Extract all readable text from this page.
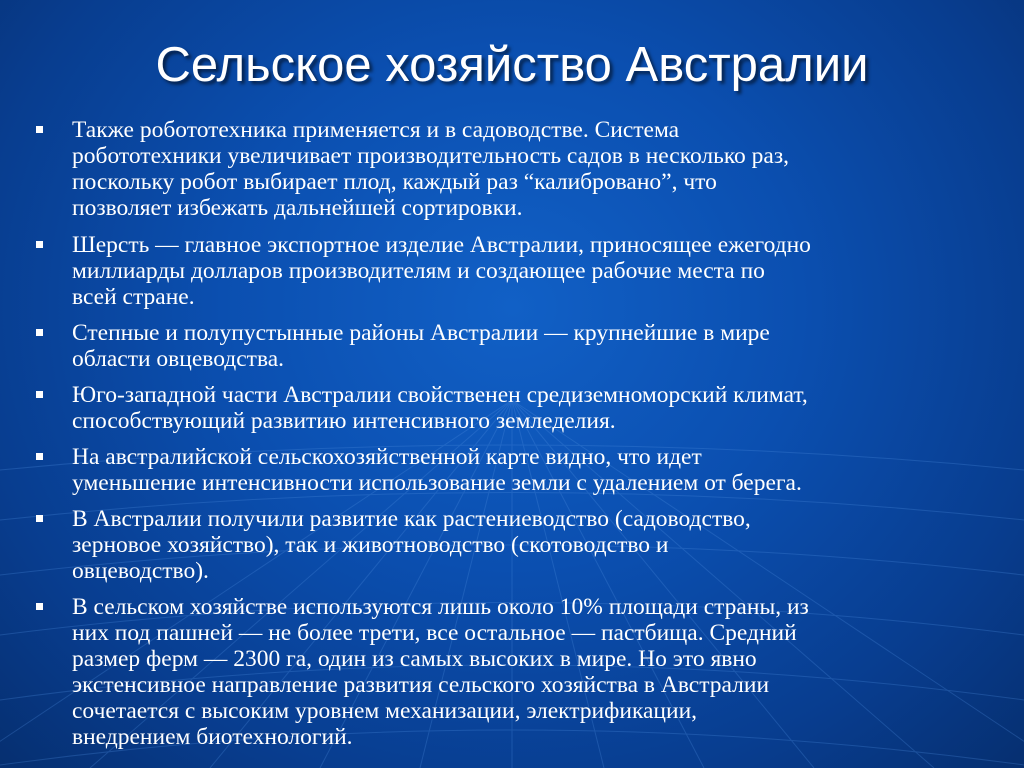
Сельское хозяйство Австралии
Также робототехника применяется и в садоводстве. Система
робототехники увеличивает производительность садов в несколько раз,
поскольку робот выбирает плод, каждый раз “калибровано”, что
позволяет избежать дальнейшей сортировки.
Шерсть — главное экспортное изделие Австралии, приносящее ежегодно
миллиарды долларов производителям и создающее рабочие места по
всей стране.
Степные и полупустынные районы Австралии — крупнейшие в мире
области овцеводства.
Юго-западной части Австралии свойственен средиземноморский климат,
способствующий развитию интенсивного земледелия.
На австралийской сельскохозяйственной карте видно, что идет
уменьшение интенсивности использование земли с удалением от берега.
В Австралии получили развитие как растениеводство (садоводство,
зерновое хозяйство), так и животноводство (скотоводство и
овцеводство).
В сельском хозяйстве используются лишь около 10% площади страны, из
них под пашней — не более трети, все остальное — пастбища. Средний
размер ферм — 2300 га, один из самых высоких в мире. Но это явно
экстенсивное направление развития сельского хозяйства в Австралии
сочетается с высоким уровнем механизации, электрификации,
внедрением биотехнологий.
